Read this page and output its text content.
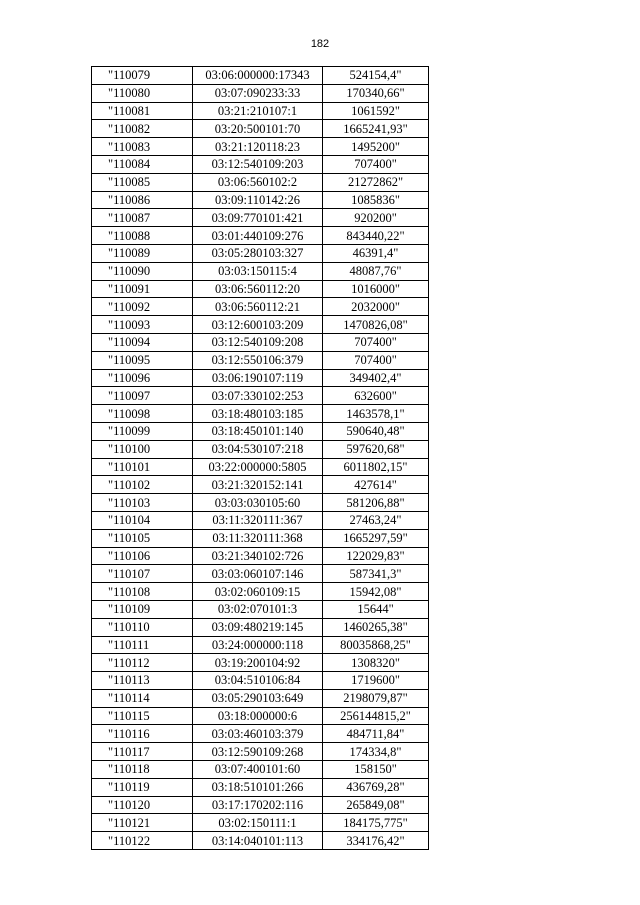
182
"110079	03:06:000000:17343	524154,4"
"110080	03:07:090233:33	170340,66"
"110081	03:21:210107:1	1061592"
"110082	03:20:500101:70	1665241,93"
"110083	03:21:120118:23	1495200"
"110084	03:12:540109:203	707400"
"110085	03:06:560102:2	21272862"
"110086	03:09:110142:26	1085836"
"110087	03:09:770101:421	920200"
"110088	03:01:440109:276	843440,22"
"110089	03:05:280103:327	46391,4"
"110090	03:03:150115:4	48087,76"
"110091	03:06:560112:20	1016000"
"110092	03:06:560112:21	2032000"
"110093	03:12:600103:209	1470826,08"
"110094	03:12:540109:208	707400"
"110095	03:12:550106:379	707400"
"110096	03:06:190107:119	349402,4"
"110097	03:07:330102:253	632600"
"110098	03:18:480103:185	1463578,1"
"110099	03:18:450101:140	590640,48"
"110100	03:04:530107:218	597620,68"
"110101	03:22:000000:5805	6011802,15"
"110102	03:21:320152:141	427614"
"110103	03:03:030105:60	581206,88"
"110104	03:11:320111:367	27463,24"
"110105	03:11:320111:368	1665297,59"
"110106	03:21:340102:726	122029,83"
"110107	03:03:060107:146	587341,3"
"110108	03:02:060109:15	15942,08"
"110109	03:02:070101:3	15644"
"110110	03:09:480219:145	1460265,38"
"110111	03:24:000000:118	80035868,25"
"110112	03:19:200104:92	1308320"
"110113	03:04:510106:84	1719600"
"110114	03:05:290103:649	2198079,87"
"110115	03:18:000000:6	256144815,2"
"110116	03:03:460103:379	484711,84"
"110117	03:12:590109:268	174334,8"
"110118	03:07:400101:60	158150"
"110119	03:18:510101:266	436769,28"
"110120	03:17:170202:116	265849,08"
"110121	03:02:150111:1	184175,775"
"110122	03:14:040101:113	334176,42"
